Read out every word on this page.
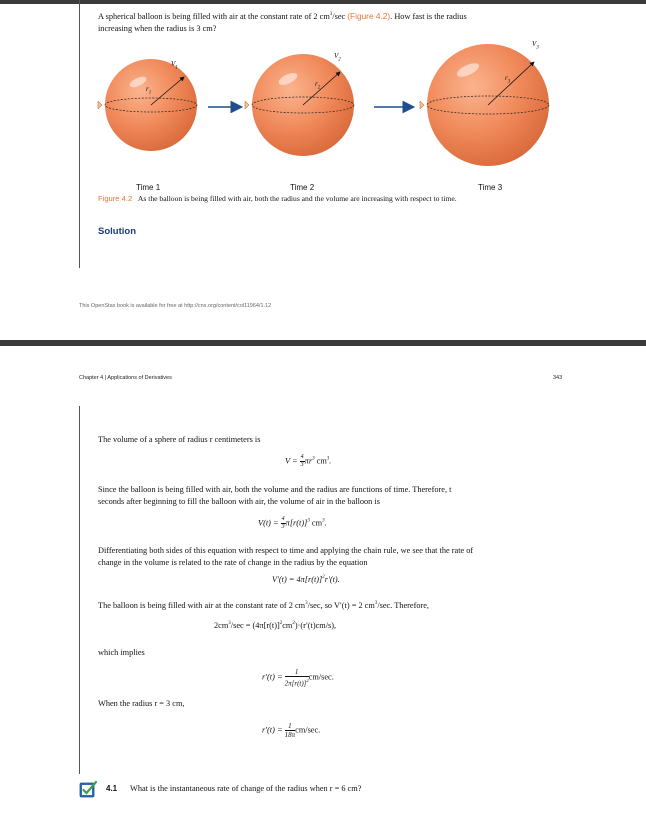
A spherical balloon is being filled with air at the constant rate of 2 $cm^3/\sec$ (Figure 4.2). How fast is the radius
increasing when the radius is 3 cm?
$r_1$
$V_1$
$r_2$
$V_2$
$r_3$
$V_3$
Time 1	Time 2	Time 3
Figure 4.2 As the balloon is being filled with air, both the radius and the volume are increasing with respect to time.
Solution
This OpenStax book is available for free at http://cnx.org/content/col11964/1.12
Chapter 4 | Applications of Derivatives	343
The volume of a sphere of radius r centimeters is
$V = \frac{4}{3} \pi r^3$ $cm^3$.
Since the balloon is being filled with air, both the volume and the radius are functions of time. Therefore, t
seconds after beginning to fill the balloon with air, the volume of air in the balloon is
$V(t) = \frac{4}{3} \pi[r(t)]^3$ $cm^3$.
Differentiating both sides of this equation with respect to time and applying the chain rule, we see that the rate of
change in the volume is related to the rate of change in the radius by the equation
$V'(t) = 4\pi[r(t)]^2r'(t)$.
The balloon is being filled with air at the constant rate of 2 $cm^3/\sec$, so V′(t) = 2 $cm^3/\sec$. Therefore,
$2cm^3/\sec = (4\pi[r(t)]^2cm^2)\cdot(r'(t)cm/s)$,
which implies
$r'(t) = \frac{1}{2\pi[r(t)]^2} cm/\sec$.
When the radius r = 3 cm,
$r'(t) = \frac{1}{18\pi} cm/\sec$.
4.1 What is the instantaneous rate of change of the radius when r = 6 cm?
